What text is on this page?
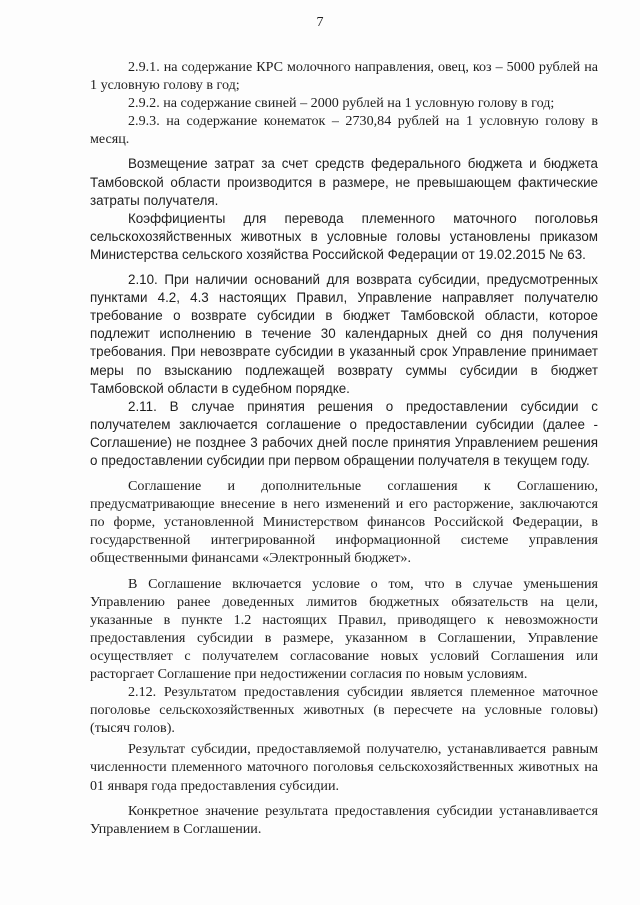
7

2.9.1. на содержание КРС молочного направления, овец, коз – 5000 рублей на 1 условную голову в год;

2.9.2. на содержание свиней – 2000 рублей на 1 условную голову в год;

2.9.3. на содержание конематок – 2730,84 рублей на 1 условную голову в месяц.

Возмещение затрат за счет средств федерального бюджета и бюджета Тамбовской области производится в размере, не превышающем фактические затраты получателя.

Коэффициенты для перевода племенного маточного поголовья сельскохозяйственных животных в условные головы установлены приказом Министерства сельского хозяйства Российской Федерации от 19.02.2015 № 63.

2.10. При наличии оснований для возврата субсидии, предусмотренных пунктами 4.2, 4.3 настоящих Правил, Управление направляет получателю требование о возврате субсидии в бюджет Тамбовской области, которое подлежит исполнению в течение 30 календарных дней со дня получения требования. При невозврате субсидии в указанный срок Управление принимает меры по взысканию подлежащей возврату суммы субсидии в бюджет Тамбовской области в судебном порядке.

2.11. В случае принятия решения о предоставлении субсидии с получателем заключается соглашение о предоставлении субсидии (далее - Соглашение) не позднее 3 рабочих дней после принятия Управлением решения о предоставлении субсидии при первом обращении получателя в текущем году.

Соглашение и дополнительные соглашения к Соглашению, предусматривающие внесение в него изменений и его расторжение, заключаются по форме, установленной Министерством финансов Российской Федерации, в государственной интегрированной информационной системе управления общественными финансами «Электронный бюджет».

В Соглашение включается условие о том, что в случае уменьшения Управлению ранее доведенных лимитов бюджетных обязательств на цели, указанные в пункте 1.2 настоящих Правил, приводящего к невозможности предоставления субсидии в размере, указанном в Соглашении, Управление осуществляет с получателем согласование новых условий Соглашения или расторгает Соглашение при недостижении согласия по новым условиям.

2.12. Результатом предоставления субсидии является племенное маточное поголовье сельскохозяйственных животных (в пересчете на условные головы) (тысяч голов).

Результат субсидии, предоставляемой получателю, устанавливается равным численности племенного маточного поголовья сельскохозяйственных животных на 01 января года предоставления субсидии.

Конкретное значение результата предоставления субсидии устанавливается Управлением в Соглашении.
